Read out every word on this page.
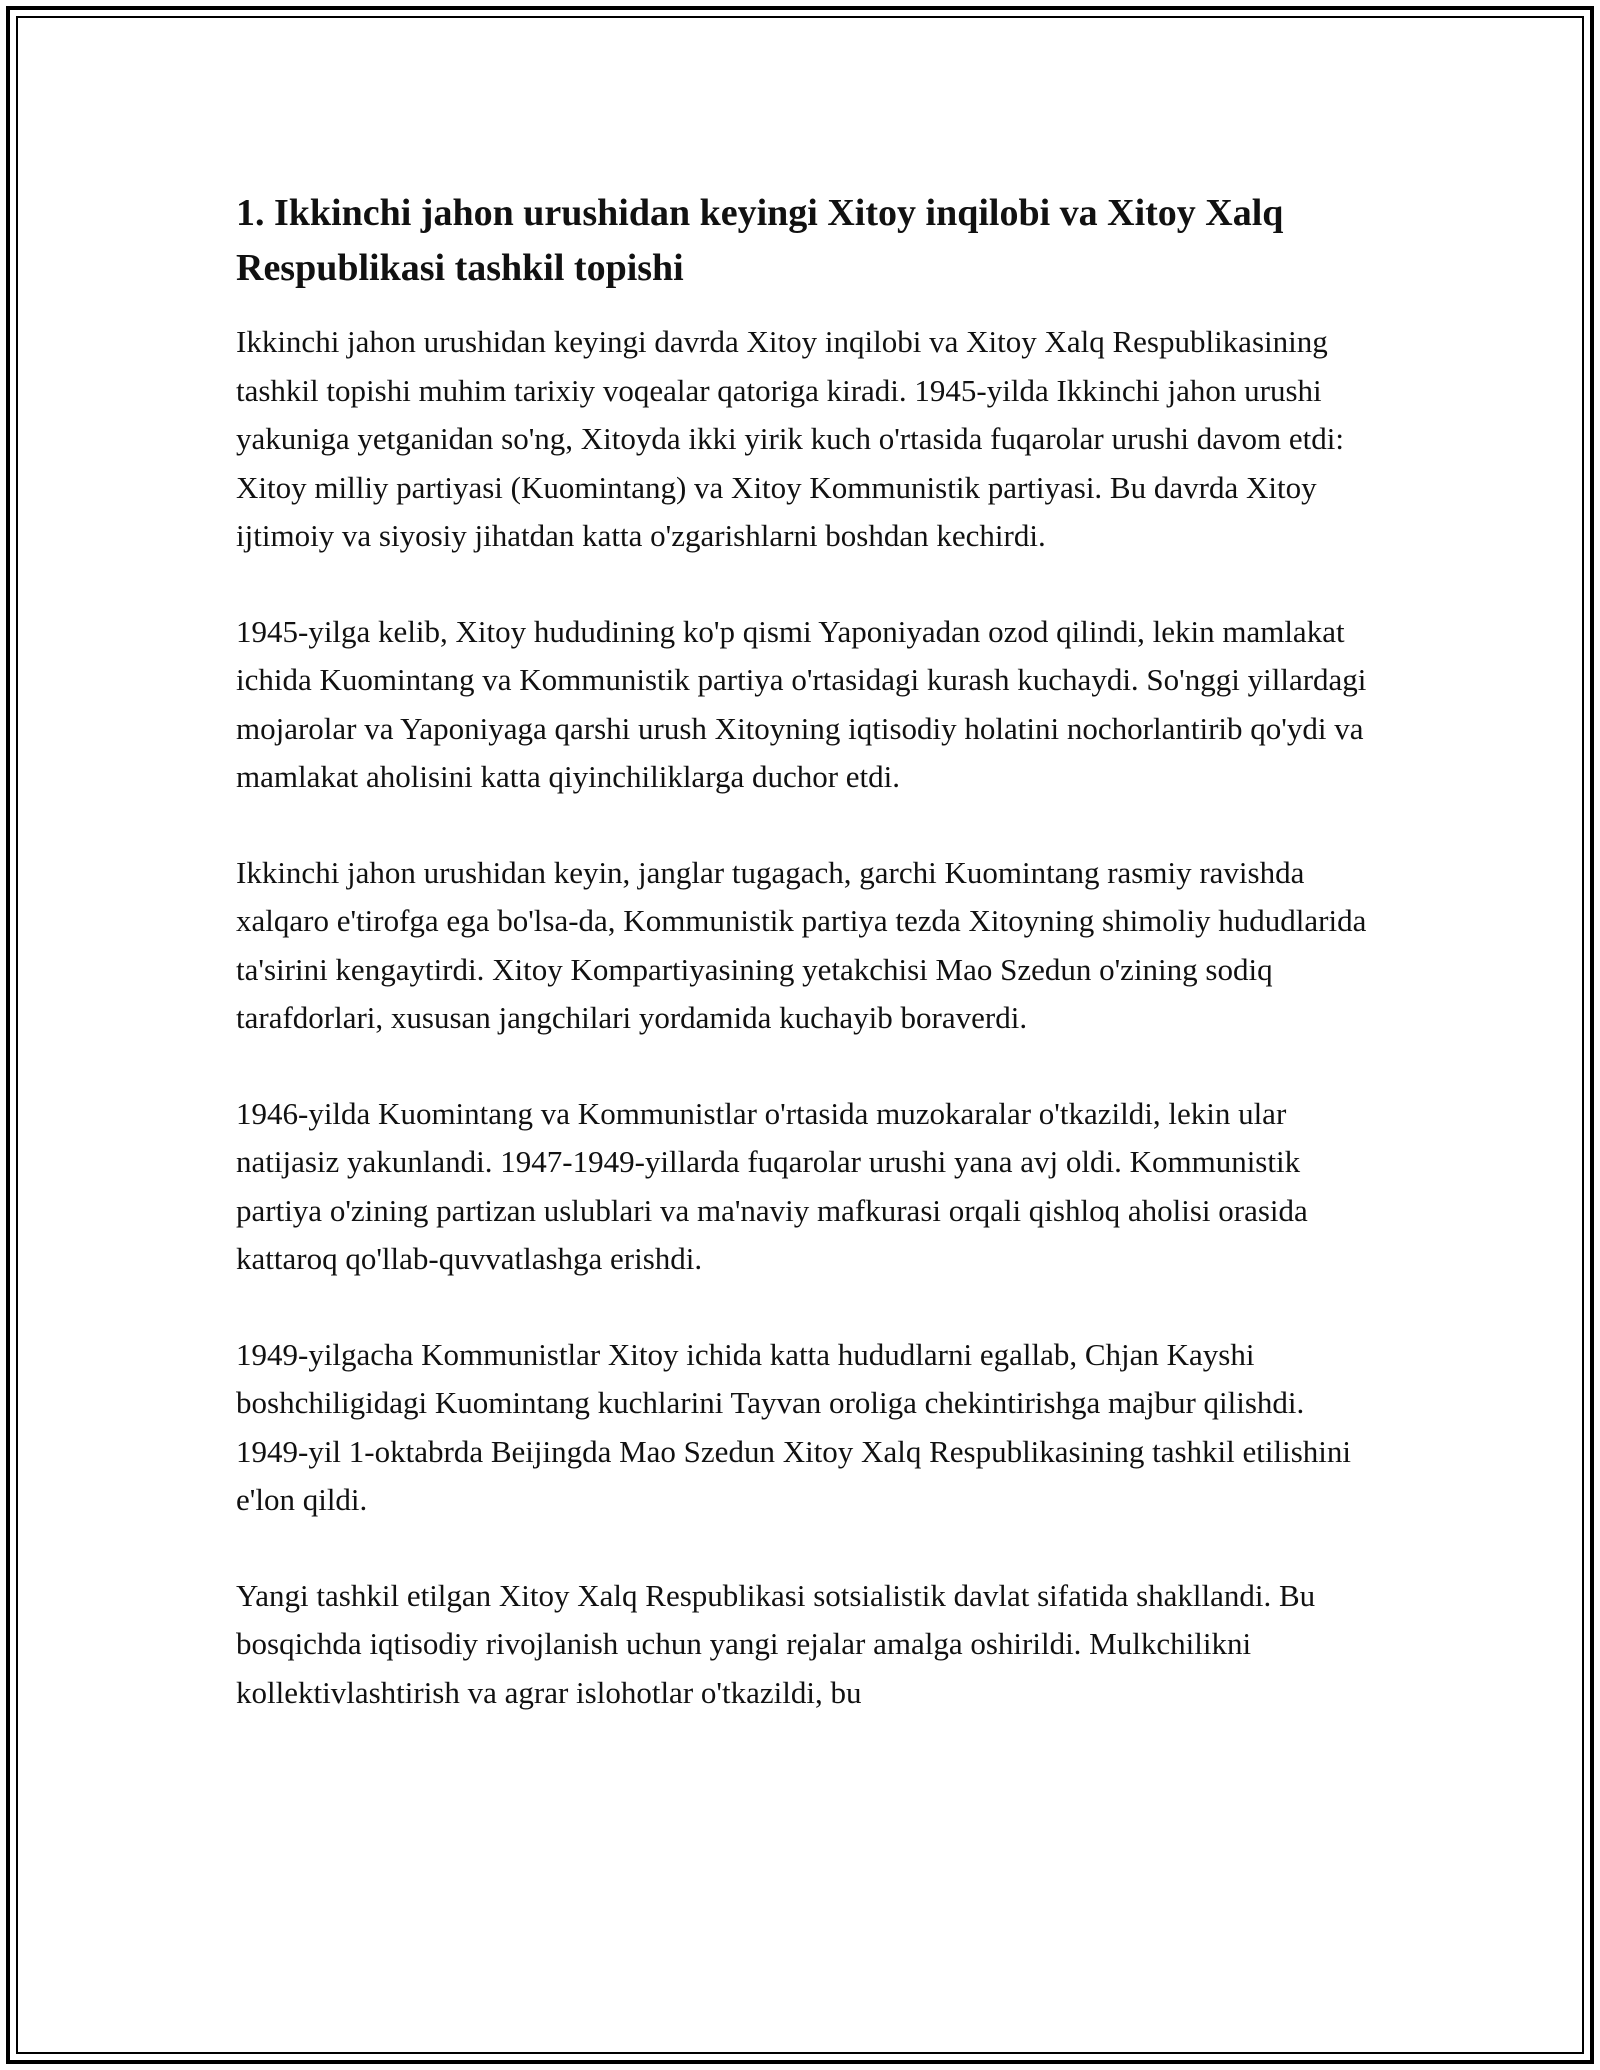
1. Ikkinchi jahon urushidan keyingi Xitoy inqilobi va Xitoy Xalq Respublikasi tashkil topishi

Ikkinchi jahon urushidan keyingi davrda Xitoy inqilobi va Xitoy Xalq Respublikasining tashkil topishi muhim tarixiy voqealar qatoriga kiradi. 1945-yilda Ikkinchi jahon urushi yakuniga yetganidan so'ng, Xitoyda ikki yirik kuch o'rtasida fuqarolar urushi davom etdi: Xitoy milliy partiyasi (Kuomintang) va Xitoy Kommunistik partiyasi. Bu davrda Xitoy ijtimoiy va siyosiy jihatdan katta o'zgarishlarni boshdan kechirdi.

1945-yilga kelib, Xitoy hududining ko'p qismi Yaponiyadan ozod qilindi, lekin mamlakat ichida Kuomintang va Kommunistik partiya o'rtasidagi kurash kuchaydi. So'nggi yillardagi mojarolar va Yaponiyaga qarshi urush Xitoyning iqtisodiy holatini nochorlantirib qo'ydi va mamlakat aholisini katta qiyinchiliklarga duchor etdi.

Ikkinchi jahon urushidan keyin, janglar tugagach, garchi Kuomintang rasmiy ravishda xalqaro e'tirofga ega bo'lsa-da, Kommunistik partiya tezda Xitoyning shimoliy hududlarida ta'sirini kengaytirdi. Xitoy Kompartiyasining yetakchisi Mao Szedun o'zining sodiq tarafdorlari, xususan jangchilari yordamida kuchayib boraverdi.

1946-yilda Kuomintang va Kommunistlar o'rtasida muzokaralar o'tkazildi, lekin ular natijasiz yakunlandi. 1947-1949-yillarda fuqarolar urushi yana avj oldi. Kommunistik partiya o'zining partizan uslublari va ma'naviy mafkurasi orqali qishloq aholisi orasida kattaroq qo'llab-quvvatlashga erishdi.

1949-yilgacha Kommunistlar Xitoy ichida katta hududlarni egallab, Chjan Kayshi boshchiligidagi Kuomintang kuchlarini Tayvan oroliga chekintirishga majbur qilishdi. 1949-yil 1-oktabrda Beijingda Mao Szedun Xitoy Xalq Respublikasining tashkil etilishini e'lon qildi.

Yangi tashkil etilgan Xitoy Xalq Respublikasi sotsialistik davlat sifatida shakllandi. Bu bosqichda iqtisodiy rivojlanish uchun yangi rejalar amalga oshirildi. Mulkchilikni kollektivlashtirish va agrar islohotlar o'tkazildi, bu
